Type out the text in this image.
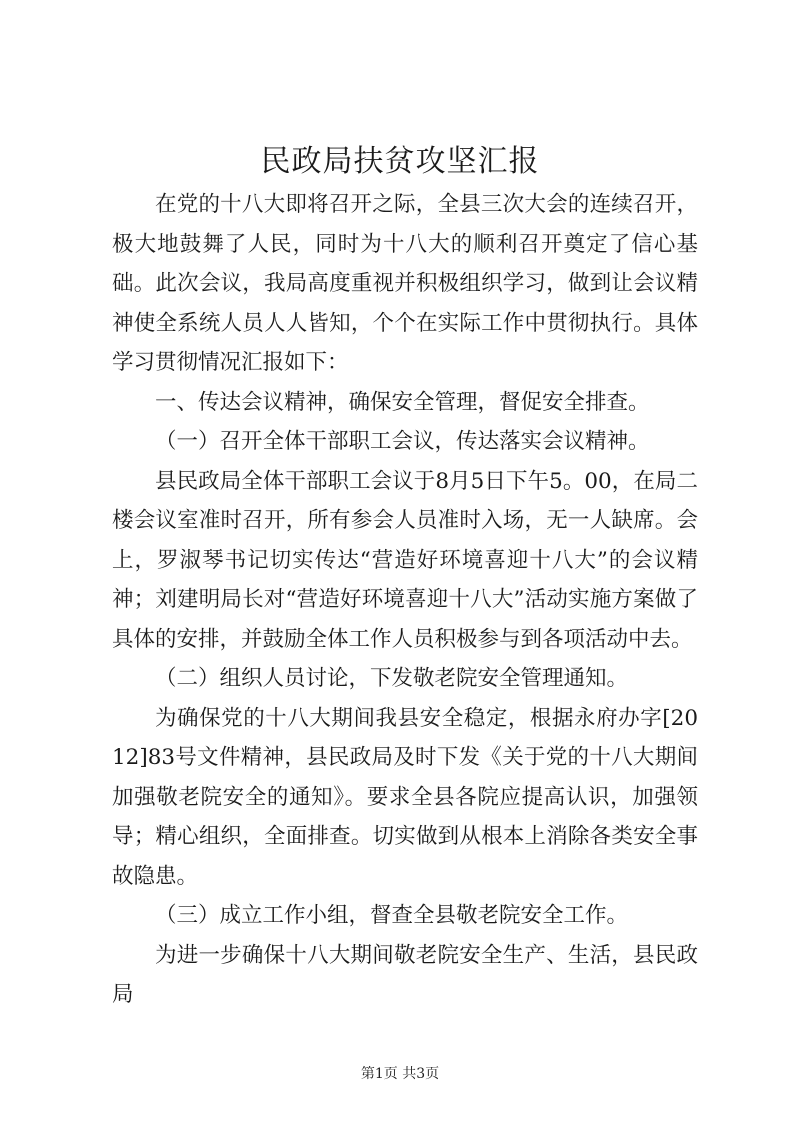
民政局扶贫攻坚汇报

在党的十八大即将召开之际，全县三次大会的连续召开，极大地鼓舞了人民，同时为十八大的顺利召开奠定了信心基础。此次会议，我局高度重视并积极组织学习，做到让会议精神使全系统人员人人皆知，个个在实际工作中贯彻执行。具体学习贯彻情况汇报如下：

一、传达会议精神，确保安全管理，督促安全排查。

（一）召开全体干部职工会议，传达落实会议精神。

县民政局全体干部职工会议于8月5日下午5。00，在局二楼会议室准时召开，所有参会人员准时入场，无一人缺席。会上，罗淑琴书记切实传达“营造好环境喜迎十八大”的会议精神；刘建明局长对“营造好环境喜迎十八大”活动实施方案做了具体的安排，并鼓励全体工作人员积极参与到各项活动中去。

（二）组织人员讨论，下发敬老院安全管理通知。

为确保党的十八大期间我县安全稳定，根据永府办字[2012]83号文件精神，县民政局及时下发《关于党的十八大期间加强敬老院安全的通知》。要求全县各院应提高认识，加强领导；精心组织，全面排查。切实做到从根本上消除各类安全事故隐患。

（三）成立工作小组，督查全县敬老院安全工作。

为进一步确保十八大期间敬老院安全生产、生活，县民政局

第1页 共3页
